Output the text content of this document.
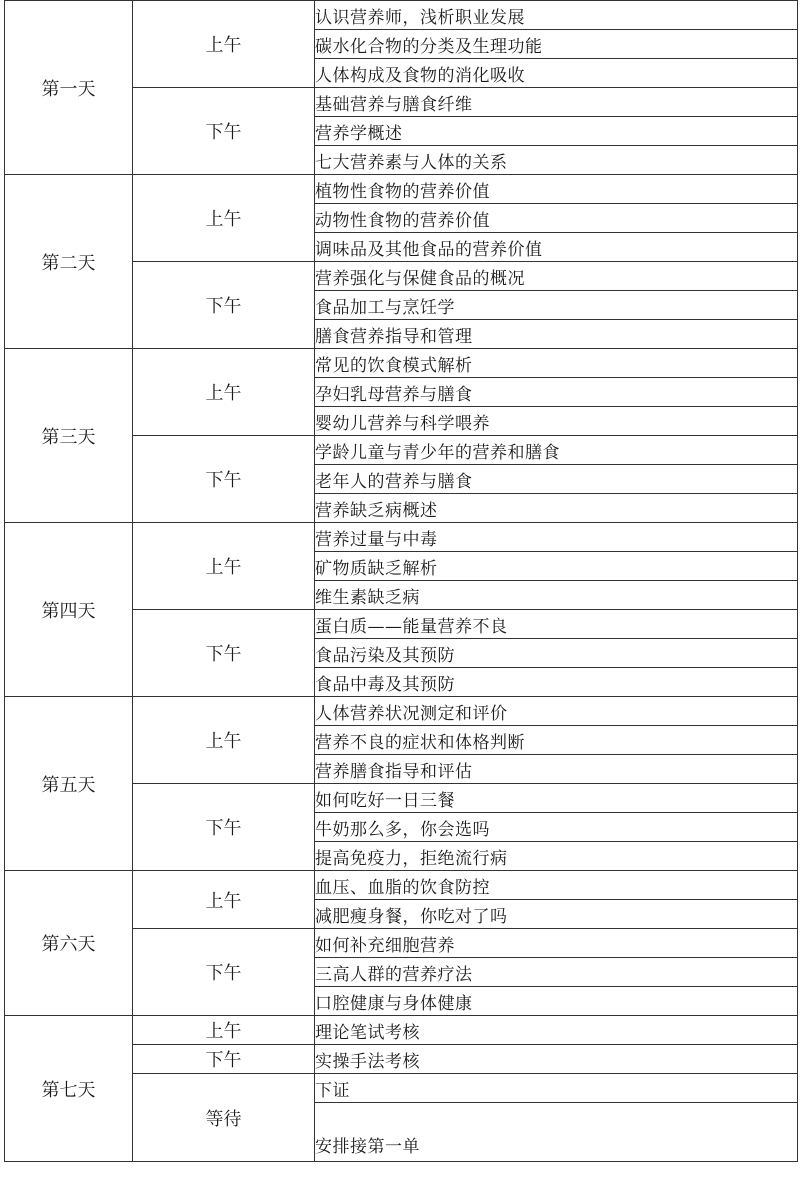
第一天	上午	认识营养师，浅析职业发展
		碳水化合物的分类及生理功能
		人体构成及食物的消化吸收
	下午	基础营养与膳食纤维
		营养学概述
		七大营养素与人体的关系
第二天	上午	植物性食物的营养价值
		动物性食物的营养价值
		调味品及其他食品的营养价值
	下午	营养强化与保健食品的概况
		食品加工与烹饪学
		膳食营养指导和管理
第三天	上午	常见的饮食模式解析
		孕妇乳母营养与膳食
		婴幼儿营养与科学喂养
	下午	学龄儿童与青少年的营养和膳食
		老年人的营养与膳食
		营养缺乏病概述
第四天	上午	营养过量与中毒
		矿物质缺乏解析
		维生素缺乏病
	下午	蛋白质——能量营养不良
		食品污染及其预防
		食品中毒及其预防
第五天	上午	人体营养状况测定和评价
		营养不良的症状和体格判断
		营养膳食指导和评估
	下午	如何吃好一日三餐
		牛奶那么多，你会选吗
		提高免疫力，拒绝流行病
第六天	上午	血压、血脂的饮食防控
		减肥瘦身餐，你吃对了吗
	下午	如何补充细胞营养
		三高人群的营养疗法
		口腔健康与身体健康
第七天	上午	理论笔试考核
	下午	实操手法考核
	等待	下证
		安排接第一单
